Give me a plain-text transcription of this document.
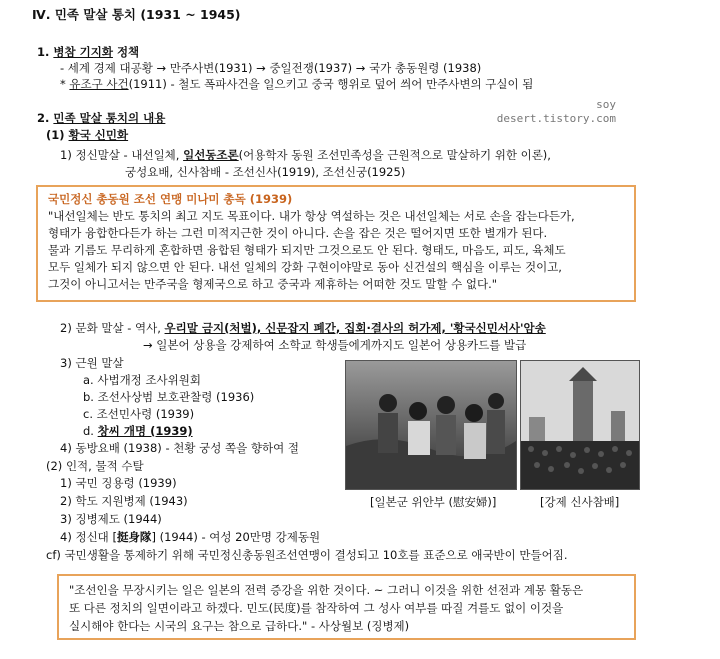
Ⅳ. 민족 말살 통치 (1931 ~ 1945)
soy
desert.tistory.com
1. 병참 기지화 정책
- 세계 경제 대공황 → 만주사변(1931) → 중일전쟁(1937) → 국가 총동원령 (1938)
* 유조구 사건(1911) - 철도 폭파사건을 일으키고 중국 행위로 덮어 씌어 만주사변의 구실이 됨
2. 민족 말살 통치의 내용
(1) 황국 신민화
1) 정신말살 - 내선일체, 일선동조론(어용학자 동원 조선민족성을 근원적으로 말살하기 위한 이론),
궁성요배, 신사참배 - 조선신사(1919), 조선신궁(1925)
국민정신 총동원 조선 연맹 미나미 총독 (1939)
"내선일체는 반도 통치의 최고 지도 목표이다. 내가 항상 역설하는 것은 내선일체는 서로 손을 잡는다든가,
형태가 융합한다든가 하는 그런 미적지근한 것이 아니다. 손을 잡은 것은 떨어지면 또한 별개가 된다.
물과 기름도 무리하게 혼합하면 융합된 형태가 되지만 그것으로도 안 된다. 형태도, 마음도, 피도, 육체도
모두 일체가 되지 않으면 안 된다. 내선 일체의 강화 구현이야말로 동아 신건설의 핵심을 이루는 것이고,
그것이 아니고서는 만주국을 형제국으로 하고 중국과 제휴하는 어떠한 것도 말할 수 없다."
2) 문화 말살 - 역사, 우리말 금지(처벌), 신문잡지 폐간, 집회·결사의 허가제, '황국신민서사'암송
→ 일본어 상용을 강제하여 소학교 학생들에게까지도 일본어 상용카드를 발급
3) 근원 말살
a. 사법개정 조사위원회
b. 조선사상범 보호관찰령 (1936)
c. 조선민사령 (1939)
d. 창씨 개명 (1939)
4) 동방요배 (1938) - 천황 궁성 쪽을 향하여 절
(2) 인적, 물적 수탈
1) 국민 징용령 (1939)
2) 학도 지원병제 (1943)
3) 징병제도 (1944)
4) 정신대 [挺身隊] (1944) - 여성 20만명 강제동원
cf) 국민생활을 통제하기 위해 국민정신총동원조선연맹이 결성되고 10호를 표준으로 애국반이 만들어짐.
[일본군 위안부 (慰安婦)]	[강제 신사참배]
"조선인을 무장시키는 일은 일본의 전력 증강을 위한 것이다. ~ 그러니 이것을 위한 선전과 계몽 활동은
또 다른 정치의 일면이라고 하겠다. 민도(民度)를 참작하여 그 성사 여부를 따질 겨를도 없이 이것을
실시해야 한다는 시국의 요구는 참으로 급하다." - 사상월보 (징병제)
